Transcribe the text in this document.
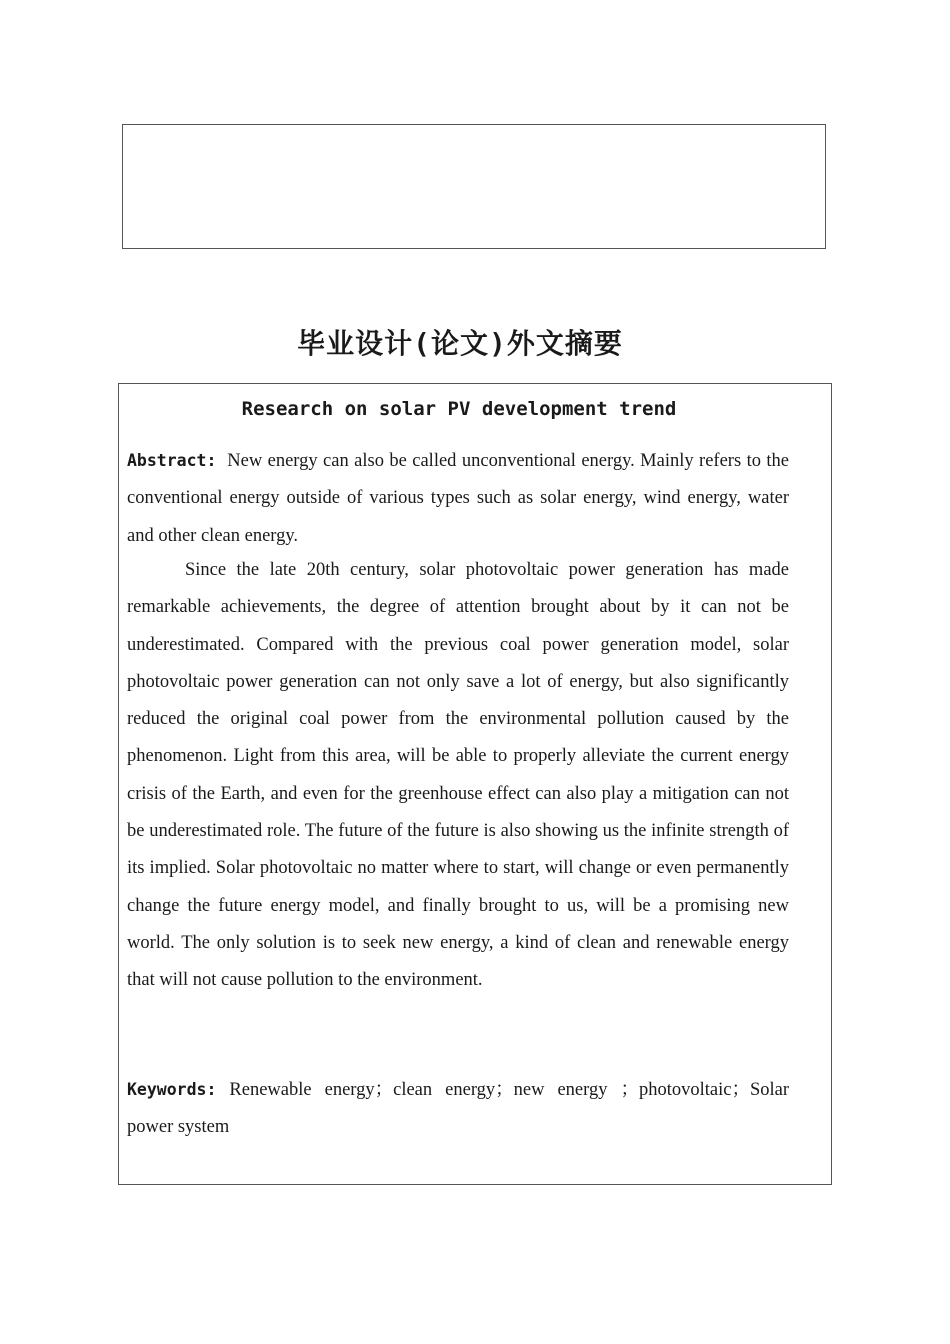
毕业设计(论文)外文摘要
Research on solar PV development trend

Abstract: New energy can also be called unconventional energy. Mainly refers to the conventional energy outside of various types such as solar energy, wind energy, water and other clean energy.

Since the late 20th century, solar photovoltaic power generation has made remarkable achievements, the degree of attention brought about by it can not be underestimated. Compared with the previous coal power generation model, solar photovoltaic power generation can not only save a lot of energy, but also significantly reduced the original coal power from the environmental pollution caused by the phenomenon. Light from this area, will be able to properly alleviate the current energy crisis of the Earth, and even for the greenhouse effect can also play a mitigation can not be underestimated role. The future of the future is also showing us the infinite strength of its implied. Solar photovoltaic no matter where to start, will change or even permanently change the future energy model, and finally brought to us, will be a promising new world. The only solution is to seek new energy, a kind of clean and renewable energy that will not cause pollution to the environment.

Keywords: Renewable energy；clean energy；new energy ；photovoltaic；Solar power system
